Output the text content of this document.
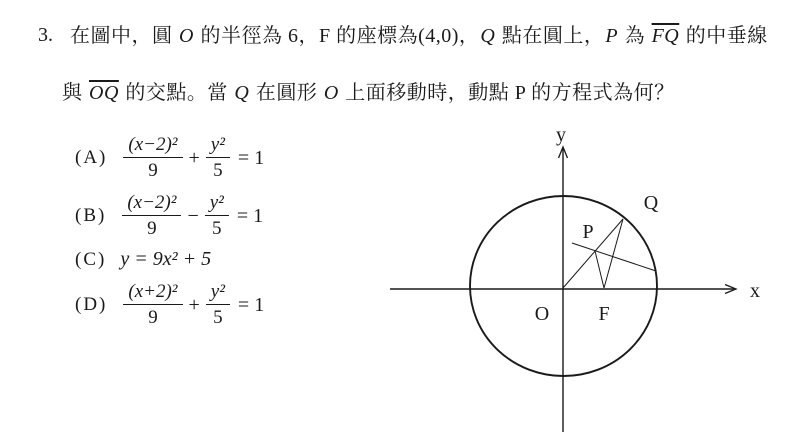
3. 在圖中，圓 O 的半徑為 6，F 的座標為(4,0)，Q 點在圓上，P 為 $\overline{FQ}$ 的中垂線
與 $\overline{OQ}$ 的交點。當 Q 在圓形 O 上面移動時，動點 P 的方程式為何？
$(A) \frac{\text{(x−2)²}}{9} + \frac{\text{y²}}{5} = 1$
$(B) \frac{\text{(x−2)²}}{9} - \frac{\text{y²}}{5} = 1$
(C) y = 9x² + 5
$(D) \frac{\text{(x+2)²}}{9} + \frac{\text{y²}}{5} = 1$
y
x
O F
P
Q
